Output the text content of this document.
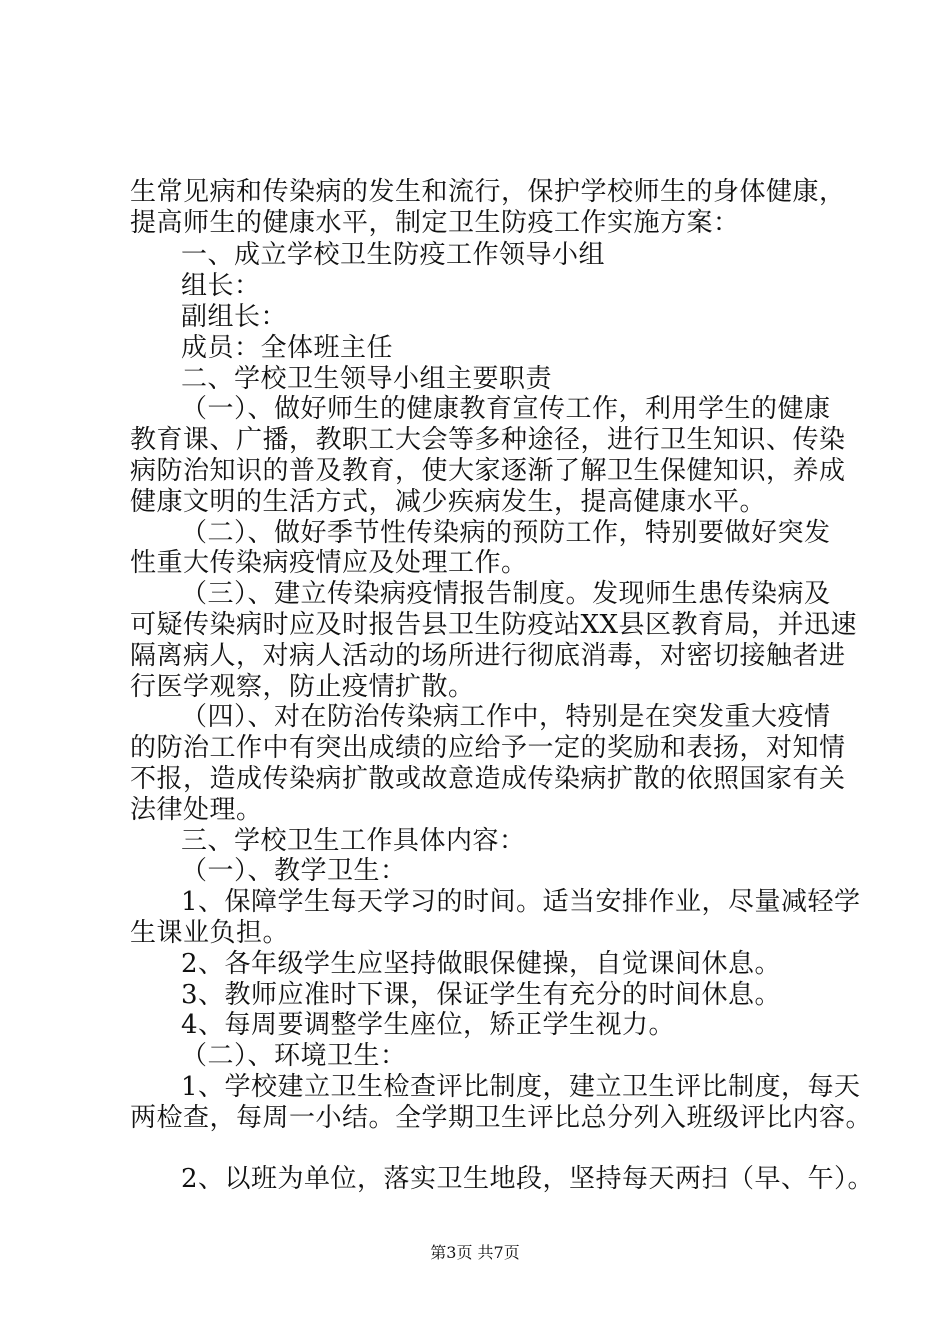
生常见病和传染病的发生和流行，保护学校师生的身体健康，
提高师生的健康水平，制定卫生防疫工作实施方案：
一、成立学校卫生防疫工作领导小组
组长：
副组长：
成员：全体班主任
二、学校卫生领导小组主要职责
（一）、做好师生的健康教育宣传工作，利用学生的健康
教育课、广播，教职工大会等多种途径，进行卫生知识、传染
病防治知识的普及教育，使大家逐渐了解卫生保健知识，养成
健康文明的生活方式，减少疾病发生，提高健康水平。
（二）、做好季节性传染病的预防工作，特别要做好突发
性重大传染病疫情应及处理工作。
（三）、建立传染病疫情报告制度。发现师生患传染病及
可疑传染病时应及时报告县卫生防疫站XX县区教育局，并迅速
隔离病人，对病人活动的场所进行彻底消毒，对密切接触者进
行医学观察，防止疫情扩散。
（四）、对在防治传染病工作中，特别是在突发重大疫情
的防治工作中有突出成绩的应给予一定的奖励和表扬，对知情
不报，造成传染病扩散或故意造成传染病扩散的依照国家有关
法律处理。
三、学校卫生工作具体内容：
（一）、教学卫生：
1、保障学生每天学习的时间。适当安排作业，尽量减轻学
生课业负担。
2、各年级学生应坚持做眼保健操，自觉课间休息。
3、教师应准时下课，保证学生有充分的时间休息。
4、每周要调整学生座位，矫正学生视力。
（二）、环境卫生：
1、学校建立卫生检查评比制度，建立卫生评比制度，每天
两检查，每周一小结。全学期卫生评比总分列入班级评比内容。
2、以班为单位，落实卫生地段，坚持每天两扫（早、午）。
第3页 共7页
